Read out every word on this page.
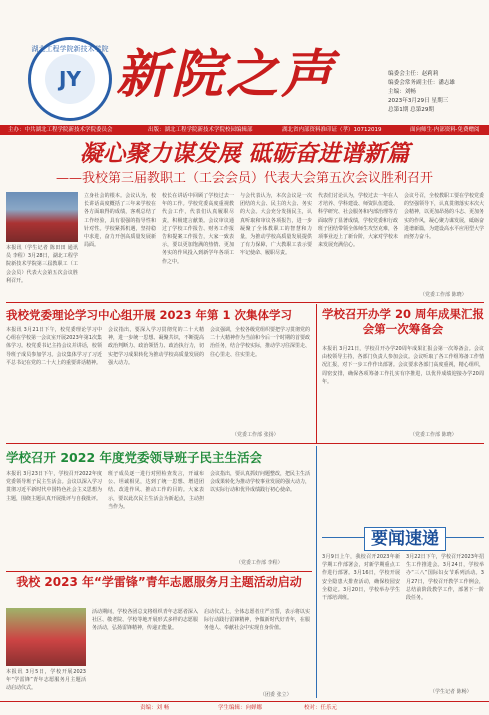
湖北工程学院新技术学院
JY 新院之声	编委会主任：赵莉莉
编委会常务副主任：潘志雄
主编：刘畅
2023年3月29日 星期三
总第1期 总第29期
主办：中共湖北工程学院新技术学院委员会	出版：湖北工程学院新技术学院校园编辑部	湖北省内部资料准印证（孝）10712019	面向师生·内部资料·免费赠阅
凝心聚力谋发展 砥砺奋进谱新篇
——我校第三届教职工（工会会员）代表大会第五次会议胜利召开
本报讯（学生记者 陈田田 通讯员 李程）3月28日，湖北工程学院新技术学院第三届教职工（工会会员）代表大会第五次会议胜利召开。
立身社会的根本。会议认为，校长讲话高度概括了三年来学校在各方面取得的成绩，客观总结了工作经验，具有很强的指导性和针对性。学校紧抓机遇，坚持稳中求进，奋力开创高质量发展新局面。
校长在讲话中回顾了学校过去一年的工作。学校党委高度重视教代会工作，代表们认真履职尽责，积极建言献策。会议审议通过了学校工作报告、财务工作报告和提案工作报告，大家一致表示，要以更加饱满的热情、更加务实的作风投入到新学年各项工作之中。
与会代表认为，本次会议是一次团结的大会、民主的大会、务实的大会。大会充分发扬民主，认真听取和审议各项报告，进一步凝聚了全体教职工的智慧和力量，为推动学校高质量发展提供了有力保障，广大教职工表示要牢记使命、履职尽责。
代表们讨论认为，学校过去一年在人才培养、学科建设、师资队伍建设、科学研究、社会服务和内部治理等方面取得了显著成绩，学校党委和行政班子团结带领全体师生攻坚克难，各项事业迈上了新台阶，大家对学校未来发展充满信心。
会议号召，全校教职工要在学校党委的坚强领导下，认真贯彻落实本次大会精神，以更加昂扬的斗志、更加务实的作风，凝心聚力谋发展，砥砺奋进谱新篇，为建设高水平应用型大学而努力奋斗。
（党委工作部 陈晓）
我校党委理论学习中心组开展 2023 年第 1 次集体学习
本报讯 3月21日下午，校党委理论学习中心组在学校第一会议室开展2023年第1次集体学习。校党委书记主持会议并讲话，校领导班子成员参加学习。会议集体学习了习近平总书记在党的二十大上的重要讲话精神。
会议指出，要深入学习贯彻党的二十大精神，进一步统一思想、凝聚共识，不断提高政治判断力、政治领悟力、政治执行力，切实把学习成果转化为推动学校高质量发展的强大动力。
会议强调，全校各级党组织要把学习贯彻党的二十大精神作为当前和今后一个时期的首要政治任务，结合学校实际，推动学习往深里走、往心里走、往实里走。
（党委工作部 张扬）
学校召开办学 20 周年成果汇报会第一次筹备会
本报讯 3月21日，学校召开办学20周年成果汇报会第一次筹备会。会议由校领导主持，各部门负责人参加会议。会议听取了各工作组筹备工作情况汇报，对下一步工作作出部署。会议要求各部门高度重视，精心组织，周密安排，确保各项筹备工作扎实有序推进，以优异成绩迎接办学20周年。
（党委工作部 陈晓）
学校召开 2022 年度党委领导班子民主生活会
本报讯 3月23日下午，学校召开2022年度党委领导班子民主生活会。会议以深入学习贯彻习近平新时代中国特色社会主义思想为主题，围绕主题认真开展批评与自我批评。
班子成员逐一进行对照检查发言，开诚布公、坦诚相见，达到了统一思想、增进团结、改进作风、推动工作的目的。大家表示，要以此次民主生活会为新起点，主动担当作为。
会议指出，要认真抓好问题整改，把民主生活会成果转化为推动学校事业发展的强大动力，以实际行动和优异成绩践行初心使命。
（党委工作部 李程）
要闻速递
3月9日上午，我校召开2023年新学期工作部署会，对新学期重点工作进行部署。3月16日，学校开展安全隐患大排查活动，确保校园安全稳定。3月20日，学校举办学生干部培训班。
3月22日下午，学校召开2023年招生工作推进会。3月24日，学校举办“三八”国际妇女节系列活动。3月27日，学校召开教学工作例会，总结前阶段教学工作，部署下一阶段任务。
（学生记者 陈畅）
我校 2023 年“学雷锋”青年志愿服务月主题活动启动
本报讯 3月5日，学校开展2023年“学雷锋”青年志愿服务月主题活动启动仪式。
活动期间，学校各团总支将组织青年志愿者深入社区、敬老院、学校等地开展形式多样的志愿服务活动，弘扬雷锋精神，传递正能量。
启动仪式上，全体志愿者庄严宣誓，表示将以实际行动践行雷锋精神，争做新时代好青年，在服务他人、奉献社会中实现自身价值。
（团委 张立）
责编：刘 畅	学生编辑：向婵娜	校对：任乐元
